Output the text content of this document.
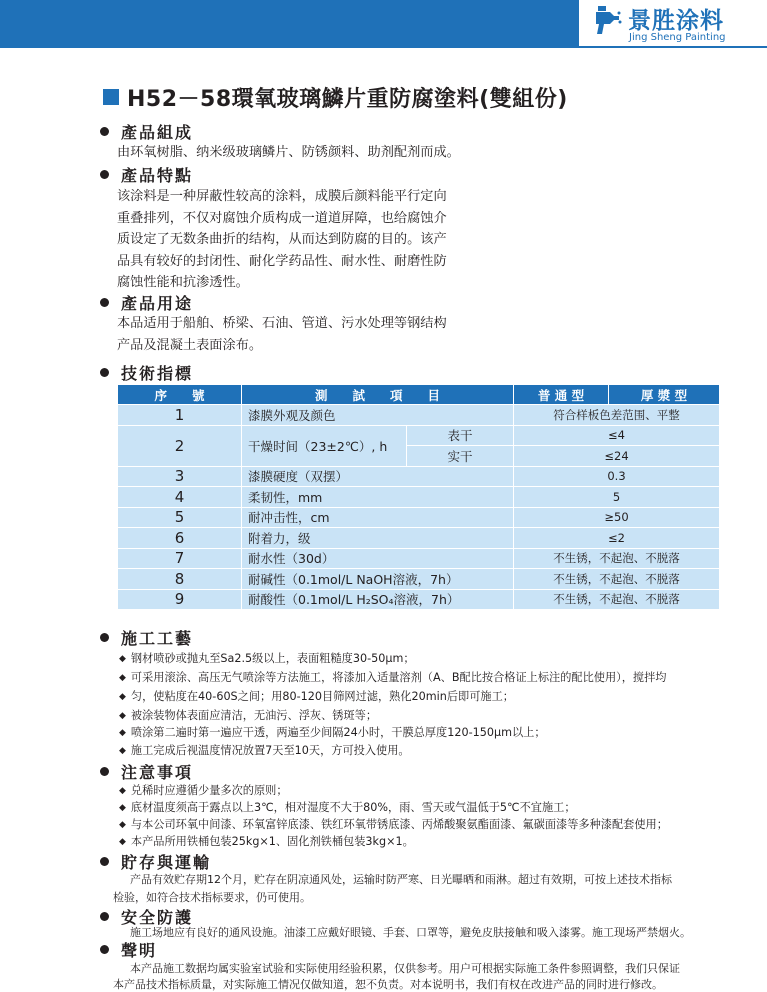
景胜涂料
Jing Sheng Painting
H52－58環氧玻璃鱗片重防腐塗料(雙組份)
產品組成
由环氧树脂、纳米级玻璃鳞片、防锈颜料、助剂配剂而成。
產品特點
该涂料是一种屏蔽性较高的涂料，成膜后颜料能平行定向
重叠排列，不仅对腐蚀介质构成一道道屏障，也给腐蚀介
质设定了无数条曲折的结构，从而达到防腐的目的。该产
品具有较好的封闭性、耐化学药品性、耐水性、耐磨性防
腐蚀性能和抗渗透性。
產品用途
本品适用于船舶、桥梁、石油、管道、污水处理等钢结构
产品及混凝土表面涂布。
技術指標
序　　號	測　　試　　項　　目		普 通 型	厚 漿 型
1	漆膜外观及颜色		符合样板色差范围、平整	
2	干燥时间（23±2℃）, h	表干	≤4	
		实干	≤24	
3	漆膜硬度（双摆）		0.3	
4	柔韧性，mm		5	
5	耐冲击性，cm		≥50	
6	附着力，级		≤2	
7	耐水性（30d）		不生锈，不起泡、不脱落	
8	耐碱性（0.1mol/L NaOH溶液，7h）		不生锈，不起泡、不脱落	
9	耐酸性（0.1mol/L H₂SO₄溶液，7h）		不生锈，不起泡、不脱落	
施工工藝
◆ 钢材喷砂或抛丸至Sa2.5级以上，表面粗糙度30-50μm；
◆ 可采用滚涂、高压无气喷涂等方法施工，将漆加入适量溶剂（A、B配比按合格证上标注的配比使用），搅拌均
◆ 匀，使粘度在40-60S之间；用80-120目筛网过滤，熟化20min后即可施工；
◆ 被涂装物体表面应清洁，无油污、浮灰、锈斑等；
◆ 喷涂第二遍时第一遍应干透，两遍至少间隔24小时，干膜总厚度120-150μm以上；
◆ 施工完成后视温度情况放置7天至10天，方可投入使用。
注意事項
◆ 兑稀时应遵循少量多次的原则；
◆ 底材温度须高于露点以上3℃，相对湿度不大于80%，雨、雪天或气温低于5℃不宜施工；
◆ 与本公司环氧中间漆、环氧富锌底漆、铁红环氧带锈底漆、丙烯酸聚氨酯面漆、氟碳面漆等多种漆配套使用；
◆ 本产品所用铁桶包装25kg×1、固化剂铁桶包装3kg×1。
貯存與運輸
产品有效贮存期12个月，贮存在阴凉通风处，运输时防严寒、日光曝晒和雨淋。超过有效期，可按上述技术指标
检验，如符合技术指标要求，仍可使用。
安全防護
施工场地应有良好的通风设施。油漆工应戴好眼镜、手套、口罩等，避免皮肤接触和吸入漆雾。施工现场严禁烟火。
聲明
本产品施工数据均属实验室试验和实际使用经验积累，仅供参考。用户可根据实际施工条件参照调整，我们只保证
本产品技术指标质量，对实际施工情况仅做知道，恕不负责。对本说明书，我们有权在改进产品的同时进行修改。
